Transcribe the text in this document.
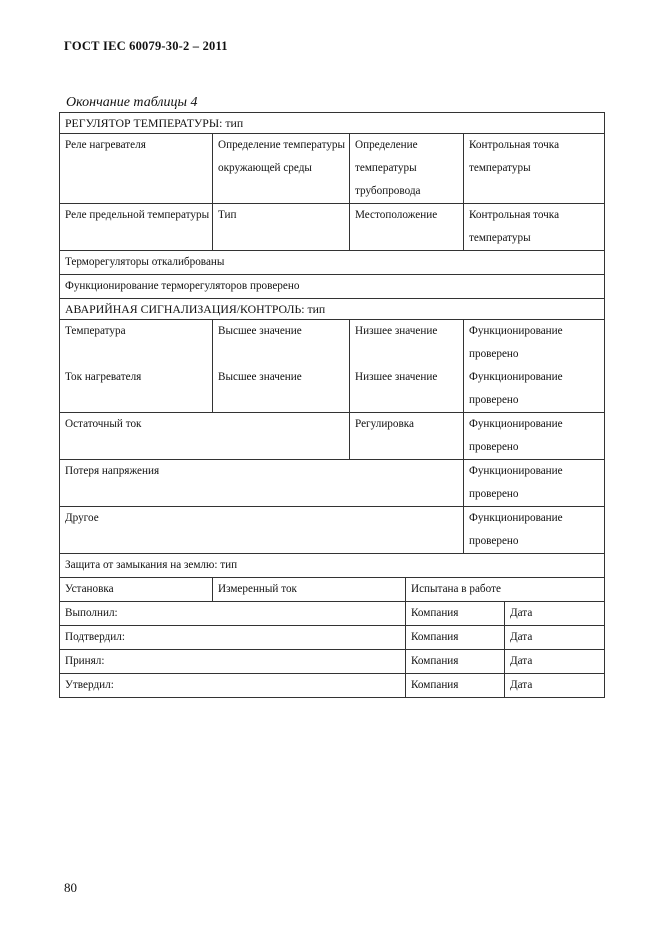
ГОСТ IEC 60079-30-2 – 2011
Окончание таблицы 4
РЕГУЛЯТОР ТЕМПЕРАТУРЫ: тип					
Реле нагревателя	Определение температуры окружающей среды	Определение температуры трубопровода		Контрольная точка температуры	
Реле предельной температуры	Тип	Местоположение		Контрольная точка температуры	
Терморегуляторы откалиброваны					
Функционирование терморегуляторов проверено					
АВАРИЙНАЯ СИГНАЛИЗАЦИЯ/КОНТРОЛЬ: тип					
Температура	Высшее значение	Низшее значение		Функционирование проверено	
Ток нагревателя	Высшее значение	Низшее значение		Функционирование проверено	
Остаточный ток		Регулировка		Функционирование проверено	
Потеря напряжения				Функционирование проверено	
Другое				Функционирование проверено	
Защита от замыкания на землю: тип					
Установка	Измеренный ток		Испытана в работе		
Выполнил:			Компания		Дата
Подтвердил:			Компания		Дата
Принял:			Компания		Дата
Утвердил:			Компания		Дата
80
